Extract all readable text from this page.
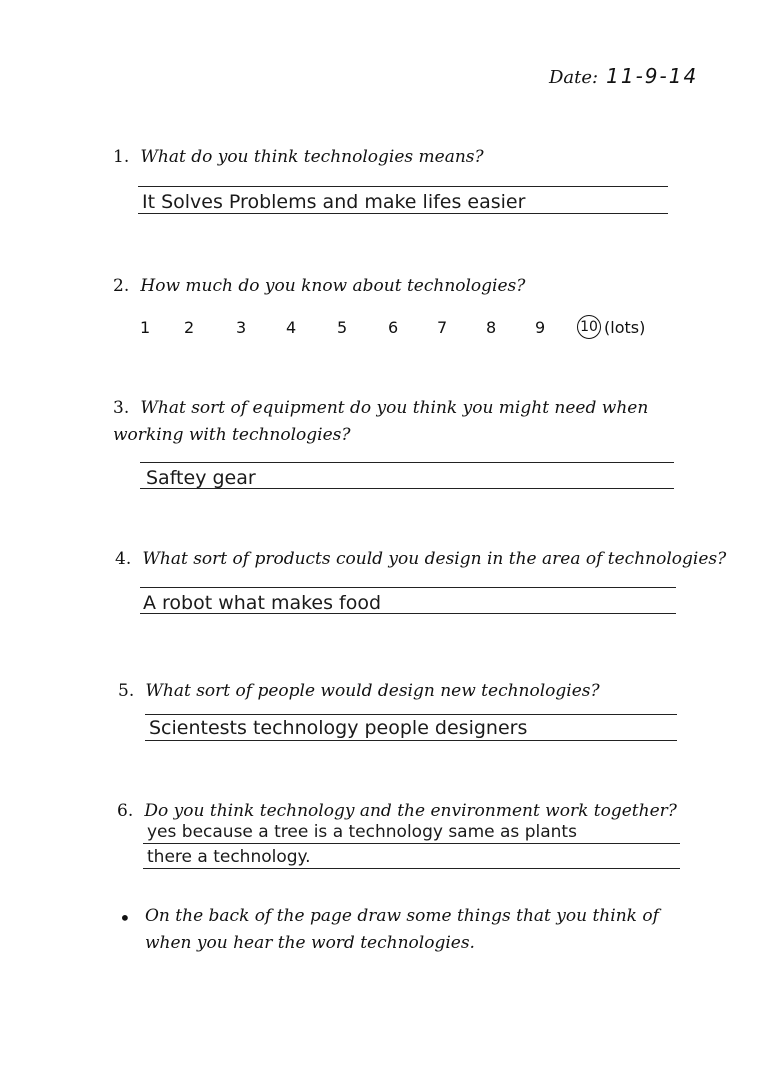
Date: 11-9-14
1. What do you think technologies means?
It Solves Problems and make lifes easier
2. How much do you know about technologies?
1 2	3 4	5	6 7 8 9 10 (lots)
3. What sort of equipment do you think you might need when working with technologies?
Saftey gear
4. What sort of products could you design in the area of technologies?
A robot what makes food
5. What sort of people would design new technologies?
Scientests technology people designers
6. Do you think technology and the environment work together?
yes because a tree is a technology same as plants
there a technology.
• On the back of the page draw some things that you think of when you hear the word technologies.
